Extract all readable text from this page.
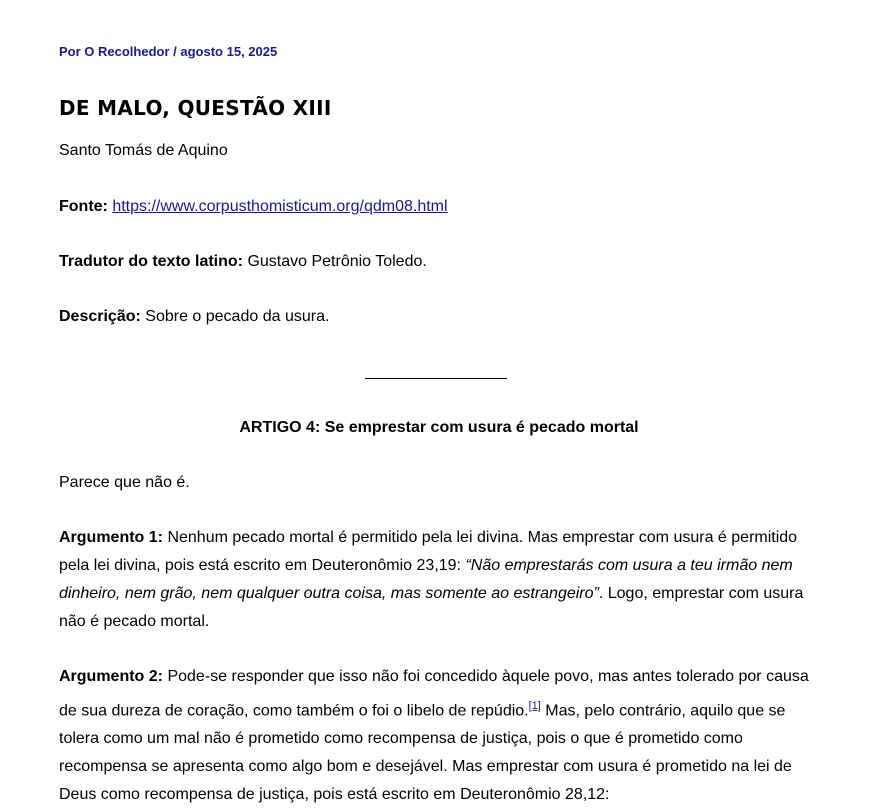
Por O Recolhedor / agosto 15, 2025
DE MALO, QUESTÃO XIII

Santo Tomás de Aquino

Fonte: https://www.corpusthomisticum.org/qdm08.html

Tradutor do texto latino: Gustavo Petrônio Toledo.

Descrição: Sobre o pecado da usura.

ARTIGO 4: Se emprestar com usura é pecado mortal

Parece que não é.

Argumento 1: Nenhum pecado mortal é permitido pela lei divina. Mas emprestar com usura é permitido pela lei divina, pois está escrito em Deuteronômio 23,19: “Não emprestarás com usura a teu irmão nem dinheiro, nem grão, nem qualquer outra coisa, mas somente ao estrangeiro”. Logo, emprestar com usura não é pecado mortal.

Argumento 2: Pode-se responder que isso não foi concedido àquele povo, mas antes tolerado por causa de sua dureza de coração, como também o foi o libelo de repúdio.[1] Mas, pelo contrário, aquilo que se tolera como um mal não é prometido como recompensa de justiça, pois o que é prometido como recompensa se apresenta como algo bom e desejável. Mas emprestar com usura é prometido na lei de Deus como recompensa de justiça, pois está escrito em Deuteronômio 28,12:
